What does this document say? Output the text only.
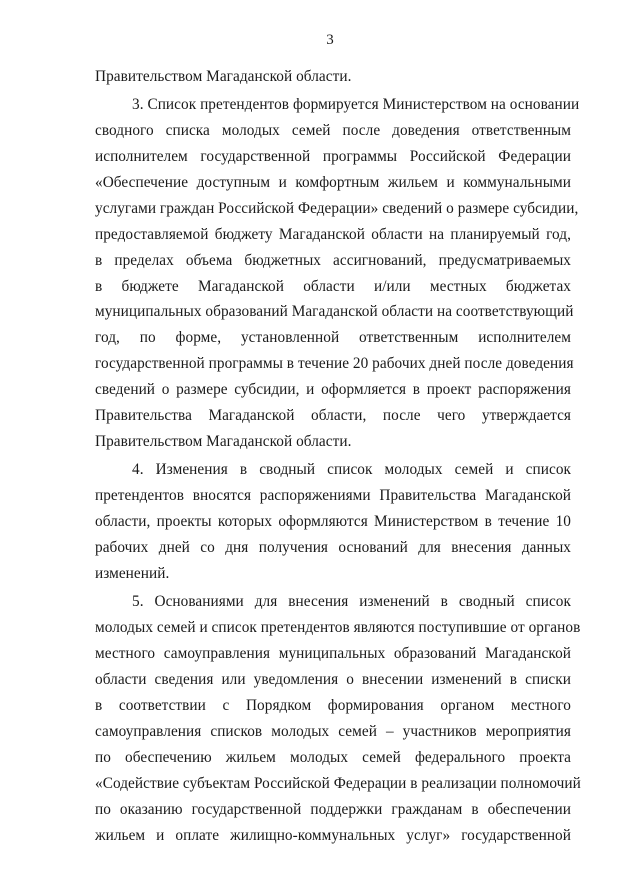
3
Правительством Магаданской области.
3. Список претендентов формируется Министерством на основании
сводного списка молодых семей после доведения ответственным
исполнителем государственной программы Российской Федерации
«Обеспечение доступным и комфортным жильем и коммунальными
услугами граждан Российской Федерации» сведений о размере субсидии,
предоставляемой бюджету Магаданской области на планируемый год,
в пределах объема бюджетных ассигнований, предусматриваемых
в бюджете Магаданской области и/или местных бюджетах
муниципальных образований Магаданской области на соответствующий
год, по форме, установленной ответственным исполнителем
государственной программы в течение 20 рабочих дней после доведения
сведений о размере субсидии, и оформляется в проект распоряжения
Правительства Магаданской области, после чего утверждается
Правительством Магаданской области.
4. Изменения в сводный список молодых семей и список
претендентов вносятся распоряжениями Правительства Магаданской
области, проекты которых оформляются Министерством в течение 10
рабочих дней со дня получения оснований для внесения данных
изменений.
5. Основаниями для внесения изменений в сводный список
молодых семей и список претендентов являются поступившие от органов
местного самоуправления муниципальных образований Магаданской
области сведения или уведомления о внесении изменений в списки
в соответствии с Порядком формирования органом местного
самоуправления списков молодых семей – участников мероприятия
по обеспечению жильем молодых семей федерального проекта
«Содействие субъектам Российской Федерации в реализации полномочий
по оказанию государственной поддержки гражданам в обеспечении
жильем и оплате жилищно-коммунальных услуг» государственной
